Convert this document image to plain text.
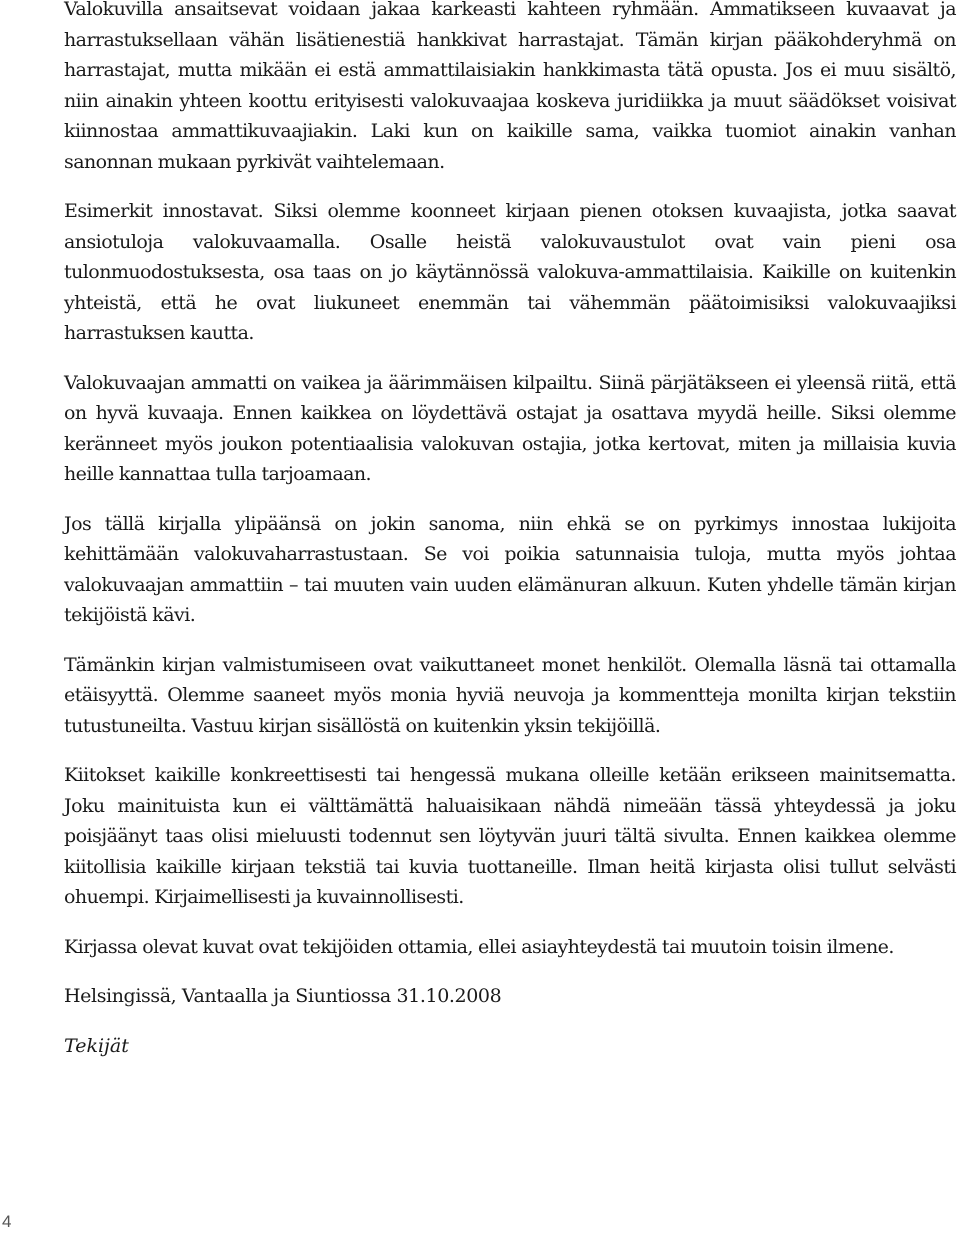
Valokuvilla ansaitsevat voidaan jakaa karkeasti kahteen ryhmään. Ammatikseen kuvaavat ja harrastuksellaan vähän lisätienestiä hankkivat harrastajat. Tämän kirjan pääkohderyhmä on harrastajat, mutta mikään ei estä ammattilaisiakin hankkimasta tätä opusta. Jos ei muu sisältö, niin ainakin yhteen koottu erityisesti valokuvaajaa koskeva juridiikka ja muut säädökset voisivat kiinnostaa ammattikuvaajiakin. Laki kun on kaikille sama, vaikka tuomiot ainakin vanhan sanonnan mukaan pyrkivät vaihtelemaan.

Esimerkit innostavat. Siksi olemme koonneet kirjaan pienen otoksen kuvaajista, jotka saavat ansiotuloja valokuvaamalla. Osalle heistä valokuvaustulot ovat vain pieni osa tulonmuodostuksesta, osa taas on jo käytännössä valokuva-ammattilaisia. Kaikille on kuitenkin yhteistä, että he ovat liukuneet enemmän tai vähemmän päätoimisiksi valokuvaajiksi harrastuksen kautta.

Valokuvaajan ammatti on vaikea ja äärimmäisen kilpailtu. Siinä pärjätäkseen ei yleensä riitä, että on hyvä kuvaaja. Ennen kaikkea on löydettävä ostajat ja osattava myydä heille. Siksi olemme keränneet myös joukon potentiaalisia valokuvan ostajia, jotka kertovat, miten ja millaisia kuvia heille kannattaa tulla tarjoamaan.

Jos tällä kirjalla ylipäänsä on jokin sanoma, niin ehkä se on pyrkimys innostaa lukijoita kehittämään valokuvaharrastustaan. Se voi poikia satunnaisia tuloja, mutta myös johtaa valokuvaajan ammattiin – tai muuten vain uuden elämänuran alkuun. Kuten yhdelle tämän kirjan tekijöistä kävi.

Tämänkin kirjan valmistumiseen ovat vaikuttaneet monet henkilöt. Olemalla läsnä tai ottamalla etäisyyttä. Olemme saaneet myös monia hyviä neuvoja ja kommentteja monilta kirjan tekstiin tutustuneilta. Vastuu kirjan sisällöstä on kuitenkin yksin tekijöillä.

Kiitokset kaikille konkreettisesti tai hengessä mukana olleille ketään erikseen mainitsematta. Joku mainituista kun ei välttämättä haluaisikaan nähdä nimeään tässä yhteydessä ja joku poisjäänyt taas olisi mieluusti todennut sen löytyvän juuri tältä sivulta. Ennen kaikkea olemme kiitollisia kaikille kirjaan tekstiä tai kuvia tuottaneille. Ilman heitä kirjasta olisi tullut selvästi ohuempi. Kirjaimellisesti ja kuvainnollisesti.

Kirjassa olevat kuvat ovat tekijöiden ottamia, ellei asiayhteydestä tai muutoin toisin ilmene.

Helsingissä, Vantaalla ja Siuntiossa 31.10.2008

Tekijät

4
